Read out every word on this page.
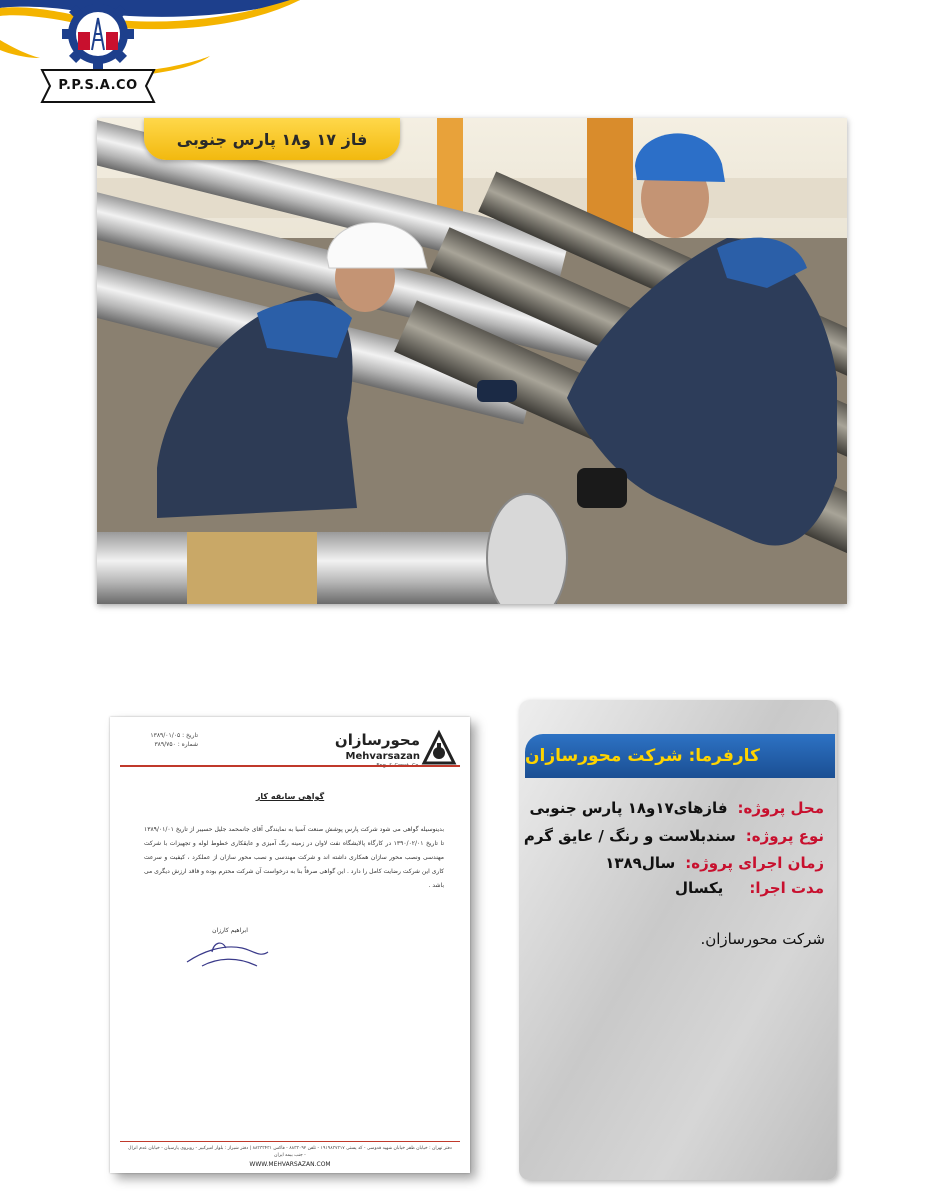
P.P.S.A.CO
فاز ۱۷ و۱۸ پارس جنوبی
تاریخ : ۱۳۸۹/۰۱/۰۵
شماره : ۳۸۹/۷۵۰	محورسازان
Mehvarsazan
گواهی سابقه کار
بدینوسیله گواهی می شود شرکت پارس پوشش صنعت آسیا به نمایندگی آقای جانمحمد جلیل حسیبر از تاریخ ۱۳۸۹/۰۱/۰۱ تا تاریخ ۱۳۹۰/۰۲/۰۱ در کارگاه پالایشگاه نفت لاوان در زمینه رنگ آمیزی و عایقکاری خطوط لوله و تجهیزات با شرکت مهندسی ونصب محور سازان همکاری داشته اند و شرکت مهندسی و نصب محور سازان از عملکرد ، کیفیت و سرعت کاری این شرکت رضایت کامل را دارد . این گواهی صرفاً بنا به درخواست آن شرکت محترم بوده و فاقد ارزش دیگری می باشد .
ابراهیم کارزان
دفتر تهران : خیابان ظفر خیابان شهید قدوسی - کد پستی ۱۹۱۹۸۳۷۳۱۷ - تلفن ۸۸۳۳۰۹۲ - فاکس ۸۸۳۳۳۴۳۱ | دفتر شیراز : بلوار امیرکبیر - روبروی پارسیان - خیابان عدم انزال - جنب بیمه ایران
WWW.MEHVARSAZAN.COM
کارفرما: شرکت محورسازان
محل پروژه:
فازهای۱۷و۱۸ پارس جنوبی
نوع پروژه:
سندبلاست و رنگ / عایق گرم
زمان اجرای پروژه:
سال۱۳۸۹
مدت اجرا:
یکسال
شرکت محورسازان.
